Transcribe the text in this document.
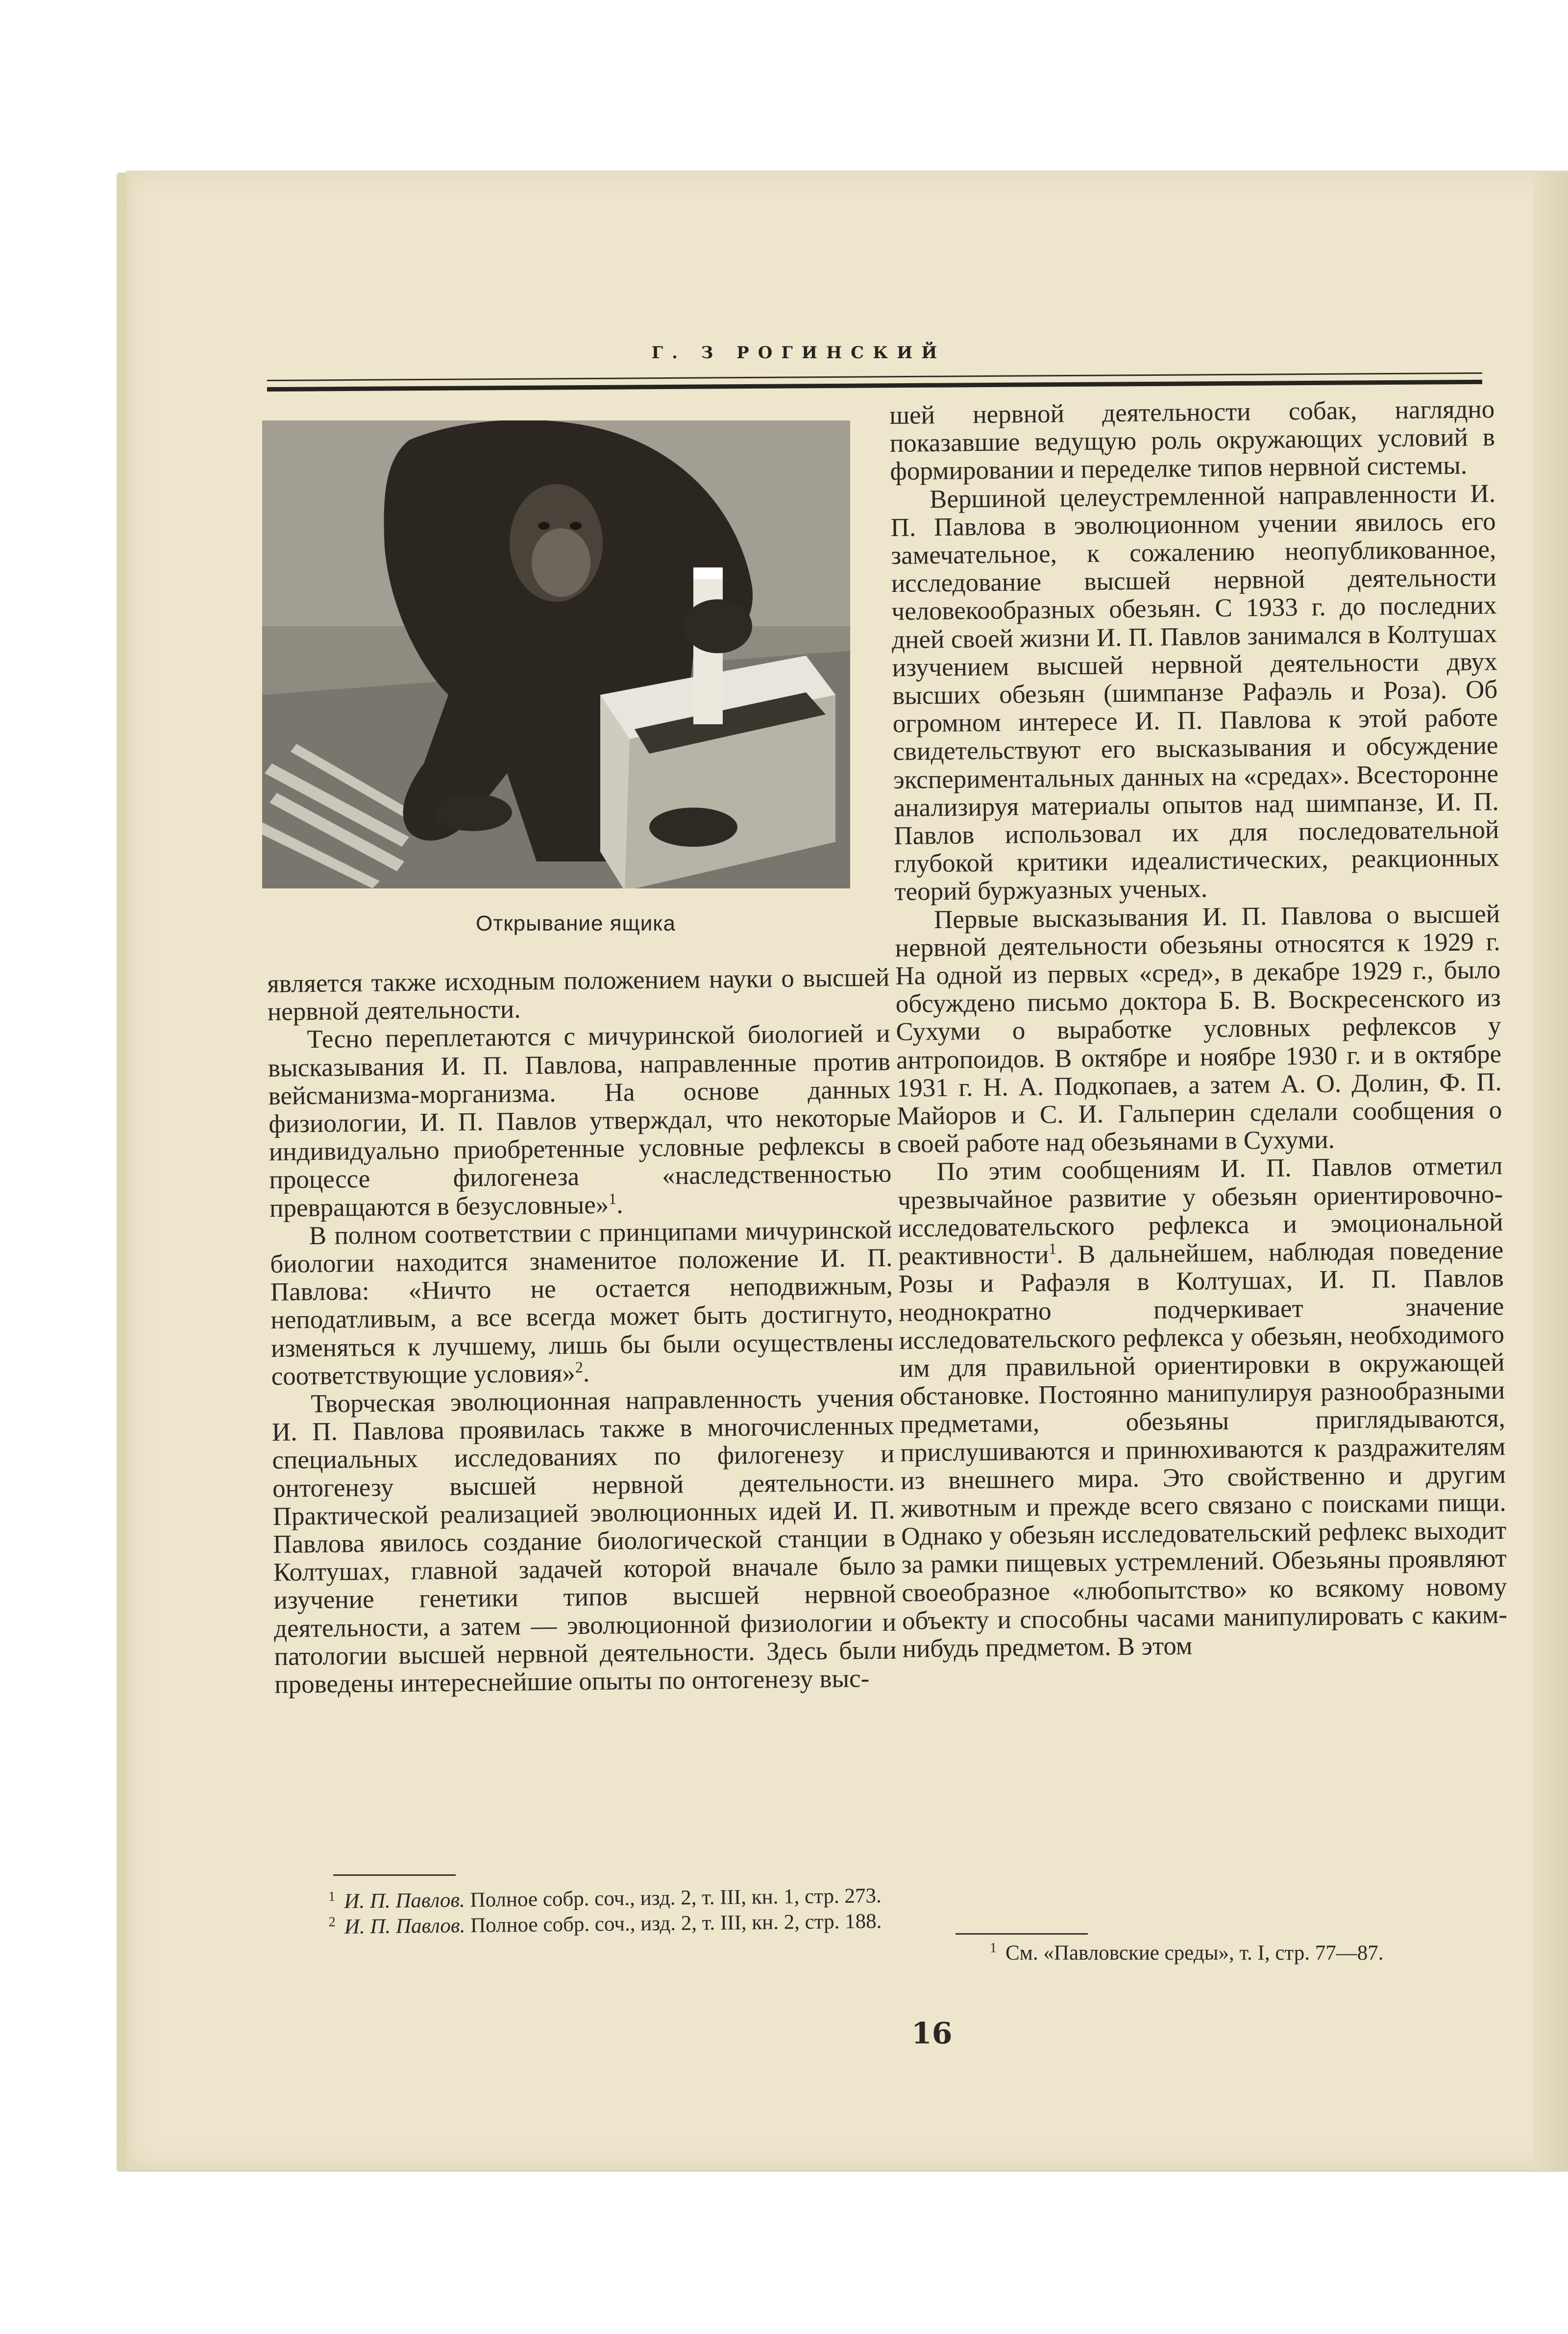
Г. З РОГИНСКИЙ
Открывание ящика

является также исходным положением науки о высшей нервной деятельности.

Тесно переплетаются с мичуринской биологией и высказывания И. П. Павлова, направленные против вейсманизма-морганизма. На основе данных физиологии, И. П. Павлов утверждал, что некоторые индивидуально приобретенные условные рефлексы в процессе филогенеза «наследственностью превращаются в безусловные»$^1$.

В полном соответствии с принципами мичуринской биологии находится знаменитое положение И. П. Павлова: «Ничто не остается неподвижным, неподатливым, а все всегда может быть достигнуто, изменяться к лучшему, лишь бы были осуществлены соответствующие условия»$^2$.

Творческая эволюционная направленность учения И. П. Павлова проявилась также в многочисленных специальных исследованиях по филогенезу и онтогенезу высшей нервной деятельности. Практической реализацией эволюционных идей И. П. Павлова явилось создание биологической станции в Колтушах, главной задачей которой вначале было изучение генетики типов высшей нервной деятельности, а затем — эволюционной физиологии и патологии высшей нервной деятельности. Здесь были проведены интереснейшие опыты по онтогенезу выс-

шей нервной деятельности собак, наглядно показавшие ведущую роль окружающих условий в формировании и переделке типов нервной системы.

Вершиной целеустремленной направленности И. П. Павлова в эволюционном учении явилось его замечательное, к сожалению неопубликованное, исследование высшей нервной деятельности человекообразных обезьян. С 1933 г. до последних дней своей жизни И. П. Павлов занимался в Колтушах изучением высшей нервной деятельности двух высших обезьян (шимпанзе Рафаэль и Роза). Об огромном интересе И. П. Павлова к этой работе свидетельствуют его высказывания и обсуждение экспериментальных данных на «средах». Всесторонне анализируя материалы опытов над шимпанзе, И. П. Павлов использовал их для последовательной глубокой критики идеалистических, реакционных теорий буржуазных ученых.

Первые высказывания И. П. Павлова о высшей нервной деятельности обезьяны относятся к 1929 г. На одной из первых «сред», в декабре 1929 г., было обсуждено письмо доктора Б. В. Воскресенского из Сухуми о выработке условных рефлексов у антропоидов. В октябре и ноябре 1930 г. и в октябре 1931 г. Н. А. Подкопаев, а затем А. О. Долин, Ф. П. Майоров и С. И. Гальперин сделали сообщения о своей работе над обезьянами в Сухуми.

По этим сообщениям И. П. Павлов отметил чрезвычайное развитие у обезьян ориентировочно-исследовательского рефлекса и эмоциональной реактивности$^1$. В дальнейшем, наблюдая поведение Розы и Рафаэля в Колтушах, И. П. Павлов неоднократно подчеркивает значение исследовательского рефлекса у обезьян, необходимого им для правильной ориентировки в окружающей обстановке. Постоянно манипулируя разнообразными предметами, обезьяны приглядываются, прислушиваются и принюхиваются к раздражителям из внешнего мира. Это свойственно и другим животным и прежде всего связано с поисками пищи. Однако у обезьян исследовательский рефлекс выходит за рамки пищевых устремлений. Обезьяны проявляют своеобразное «любопытство» ко всякому новому объекту и способны часами манипулировать с каким-нибудь предметом. В этом

$^1$ И. П. Павлов. Полное собр. соч., изд. 2, т. III, кн. 1, стр. 273.

$^2$ И. П. Павлов. Полное собр. соч., изд. 2, т. III, кн. 2, стр. 188.

$^1$ См. «Павловские среды», т. I, стр. 77—87.

16
